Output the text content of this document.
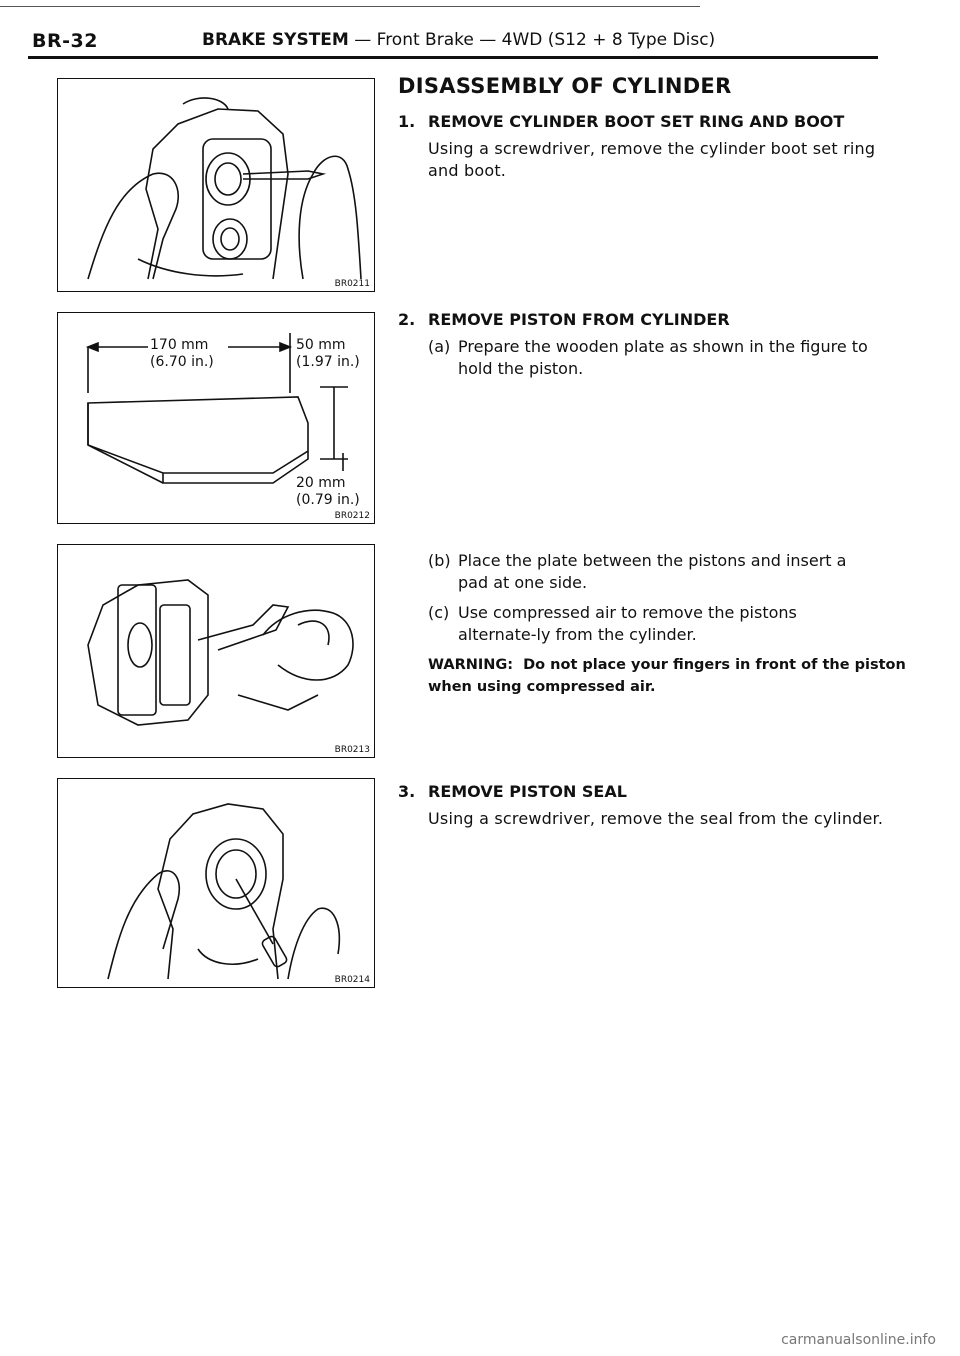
BR-32	BRAKE SYSTEM — Front Brake — 4WD (S12 + 8 Type Disc)
BR0211
170 mm
(6.70 in.)
50 mm
(1.97 in.)
20 mm
(0.79 in.)
BR0212
BR0213
BR0214
DISASSEMBLY OF CYLINDER
1. REMOVE CYLINDER BOOT SET RING AND BOOT
Using a screwdriver, remove the cylinder boot set ring and boot.
2. REMOVE PISTON FROM CYLINDER
(a) Prepare the wooden plate as shown in the figure to hold the piston.
(b) Place the plate between the pistons and insert a pad at one side.
(c) Use compressed air to remove the pistons alternate-ly from the cylinder.
WARNING: Do not place your fingers in front of the piston when using compressed air.
3. REMOVE PISTON SEAL
Using a screwdriver, remove the seal from the cylinder.
carmanualsonline.info
